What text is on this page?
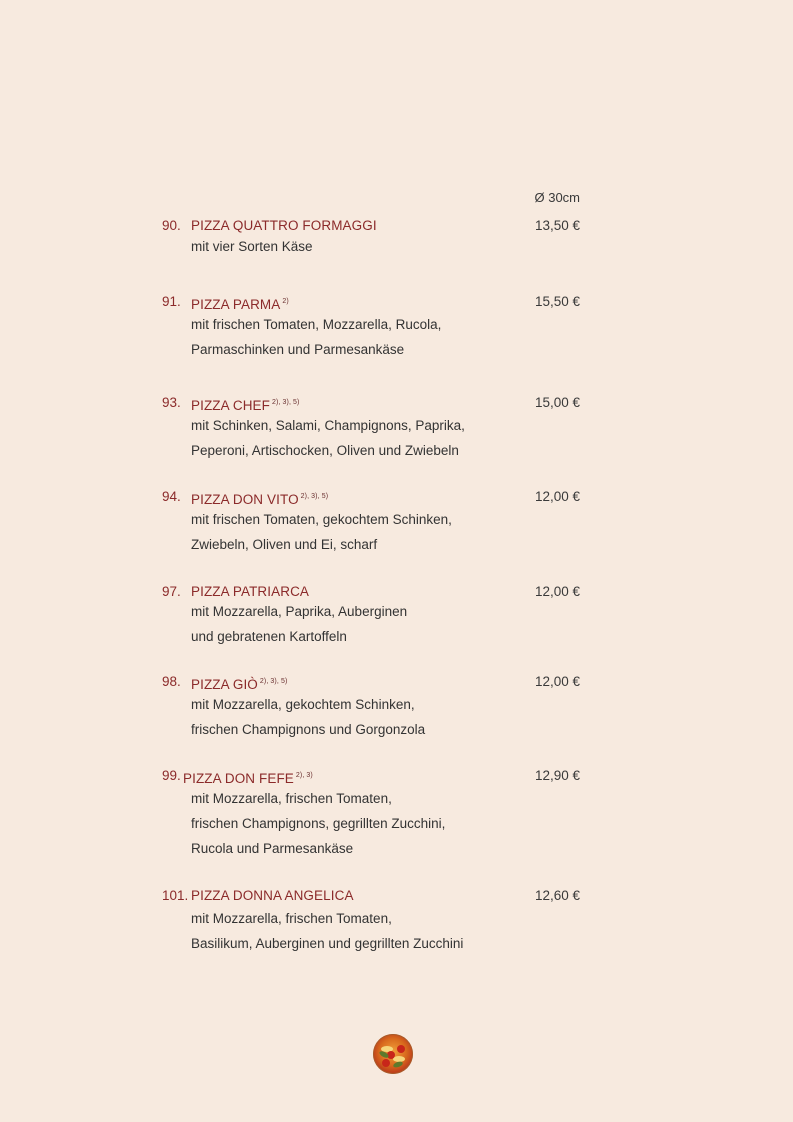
Ø 30cm
90. PIZZA QUATTRO FORMAGGI	13,50 €
mit vier Sorten Käse
91. PIZZA PARMA $^{2)}$	15,50 €
mit frischen Tomaten, Mozzarella, Rucola,
Parmaschinken und Parmesankäse
93. PIZZA CHEF $^{2), 3), 5)}$	15,00 €
mit Schinken, Salami, Champignons, Paprika,
Peperoni, Artischocken, Oliven und Zwiebeln
94. PIZZA DON VITO $^{2), 3), 5)}$	12,00 €
mit frischen Tomaten, gekochtem Schinken,
Zwiebeln, Oliven und Ei, scharf
97. PIZZA PATRIARCA	12,00 €
mit Mozzarella, Paprika, Auberginen
und gebratenen Kartoffeln
98. PIZZA GIÒ $^{2), 3), 5)}$	12,00 €
mit Mozzarella, gekochtem Schinken,
frischen Champignons und Gorgonzola
99. PIZZA DON FEFE $^{2), 3)}$	12,90 €
mit Mozzarella, frischen Tomaten,
frischen Champignons, gegrillten Zucchini,
Rucola und Parmesankäse
101. PIZZA DONNA ANGELICA	12,60 €
mit Mozzarella, frischen Tomaten,
Basilikum, Auberginen und gegrillten Zucchini
